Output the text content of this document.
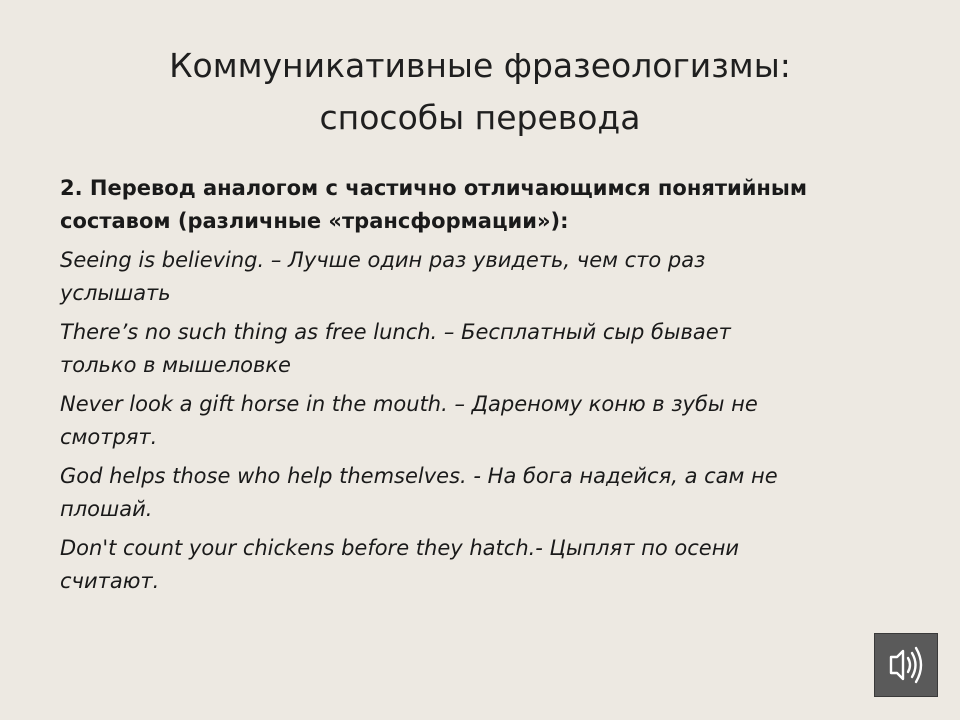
Коммуникативные фразеологизмы:
способы перевода
2. Перевод аналогом с частично отличающимся понятийным
составом (различные «трансформации»):
Seeing is believing. – Лучше один раз увидеть, чем сто раз
услышать
There’s no such thing as free lunch. – Бесплатный сыр бывает
только в мышеловке
Never look a gift horse in the mouth. – Дареному коню в зубы не
смотрят.
God helps those who help themselves. - На бога надейся, а сам не
плошай.
Don't count your chickens before they hatch.- Цыплят по осени
считают.
